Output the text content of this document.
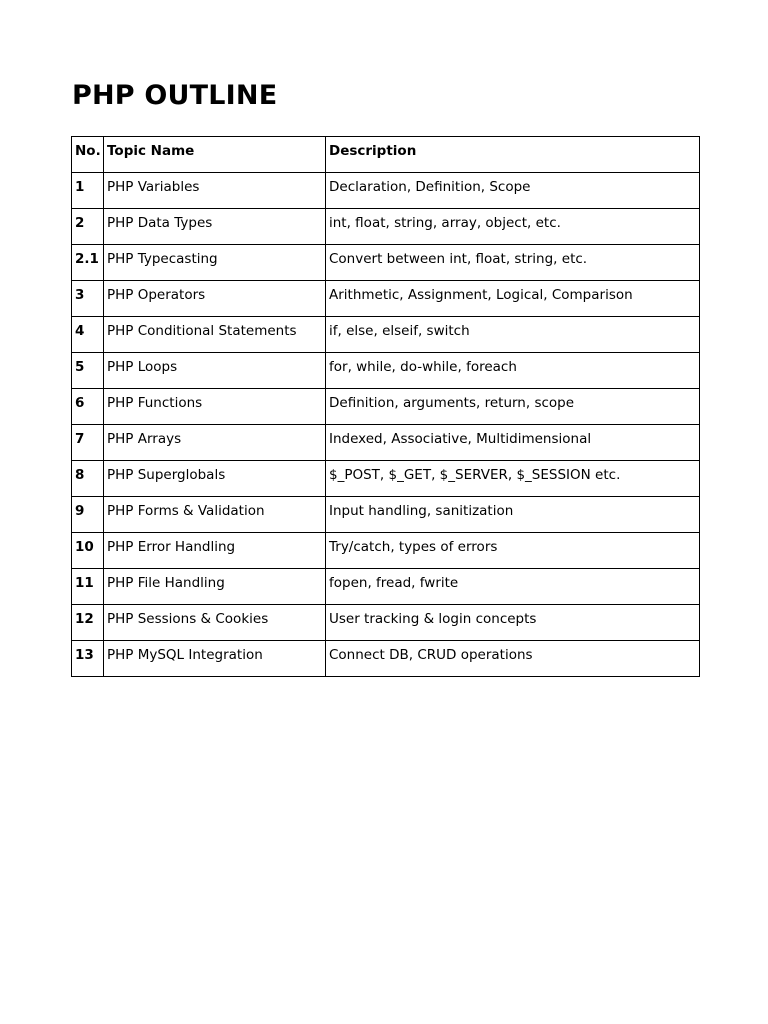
PHP OUTLINE
No.	Topic Name	Description
1	PHP Variables	Declaration, Definition, Scope
2	PHP Data Types	int, float, string, array, object, etc.
2.1	PHP Typecasting	Convert between int, float, string, etc.
3	PHP Operators	Arithmetic, Assignment, Logical, Comparison
4	PHP Conditional Statements	if, else, elseif, switch
5	PHP Loops	for, while, do-while, foreach
6	PHP Functions	Definition, arguments, return, scope
7	PHP Arrays	Indexed, Associative, Multidimensional
8	PHP Superglobals	$_POST, $_GET, $_SERVER, $_SESSION etc.
9	PHP Forms & Validation	Input handling, sanitization
10	PHP Error Handling	Try/catch, types of errors
11	PHP File Handling	fopen, fread, fwrite
12	PHP Sessions & Cookies	User tracking & login concepts
13	PHP MySQL Integration	Connect DB, CRUD operations
